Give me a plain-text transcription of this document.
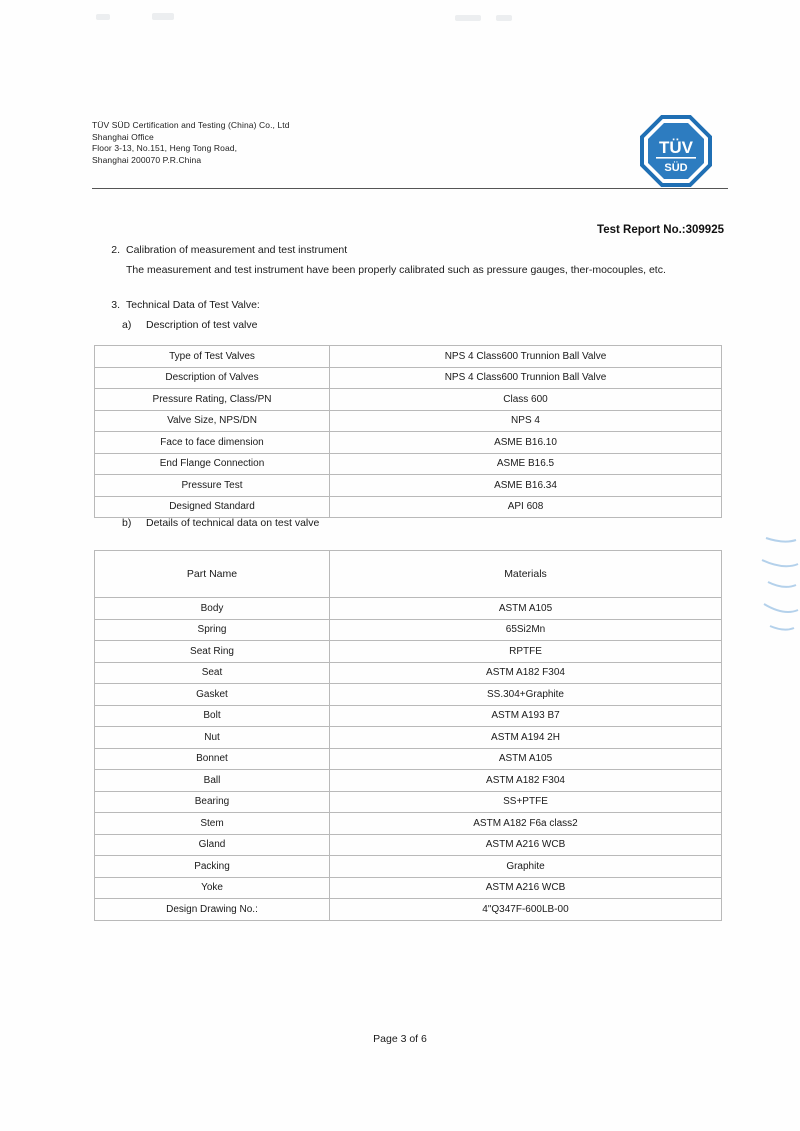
TÜV SÜD Certification and Testing (China) Co., Ltd
Shanghai Office
Floor 3-13, No.151, Heng Tong Road,
Shanghai 200070 P.R.China
TÜV
SÜD
Test Report No.:309925
2. Calibration of measurement and test instrument
The measurement and test instrument have been properly calibrated such as pressure gauges, ther-mocouples, etc.
3. Technical Data of Test Valve:
a) Description of test valve
Type of Test Valves	NPS 4 Class600 Trunnion Ball Valve
Description of Valves	NPS 4 Class600 Trunnion Ball Valve
Pressure Rating, Class/PN	Class 600
Valve Size, NPS/DN	NPS 4
Face to face dimension	ASME B16.10
End Flange Connection	ASME B16.5
Pressure Test	ASME B16.34
Designed Standard	API 608
b) Details of technical data on test valve
Part Name	Materials
Body	ASTM A105
Spring	65Si2Mn
Seat Ring	RPTFE
Seat	ASTM A182 F304
Gasket	SS.304+Graphite
Bolt	ASTM A193 B7
Nut	ASTM A194 2H
Bonnet	ASTM A105
Ball	ASTM A182 F304
Bearing	SS+PTFE
Stem	ASTM A182 F6a class2
Gland	ASTM A216 WCB
Packing	Graphite
Yoke	ASTM A216 WCB
Design Drawing No.:	4"Q347F-600LB-00
Page 3 of 6
